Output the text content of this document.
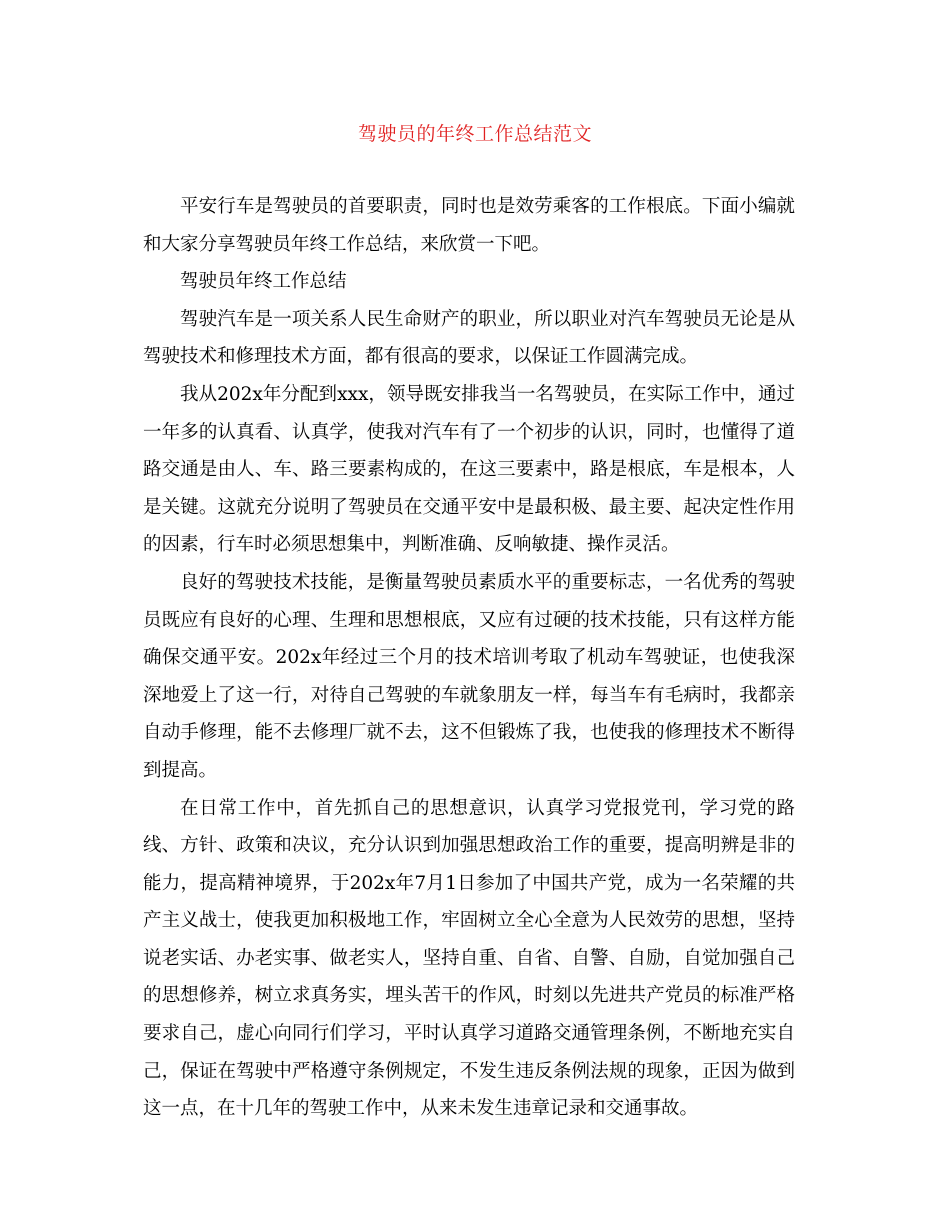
驾驶员的年终工作总结范文

平安行车是驾驶员的首要职责，同时也是效劳乘客的工作根底。下面小编就和大家分享驾驶员年终工作总结，来欣赏一下吧。

驾驶员年终工作总结

驾驶汽车是一项关系人民生命财产的职业，所以职业对汽车驾驶员无论是从驾驶技术和修理技术方面，都有很高的要求，以保证工作圆满完成。

我从202x年分配到xxx，领导既安排我当一名驾驶员，在实际工作中，通过一年多的认真看、认真学，使我对汽车有了一个初步的认识，同时，也懂得了道路交通是由人、车、路三要素构成的，在这三要素中，路是根底，车是根本，人是关键。这就充分说明了驾驶员在交通平安中是最积极、最主要、起决定性作用的因素，行车时必须思想集中，判断准确、反响敏捷、操作灵活。

良好的驾驶技术技能，是衡量驾驶员素质水平的重要标志，一名优秀的驾驶员既应有良好的心理、生理和思想根底，又应有过硬的技术技能，只有这样方能确保交通平安。202x年经过三个月的技术培训考取了机动车驾驶证，也使我深深地爱上了这一行，对待自己驾驶的车就象朋友一样，每当车有毛病时，我都亲自动手修理，能不去修理厂就不去，这不但锻炼了我，也使我的修理技术不断得到提高。

在日常工作中，首先抓自己的思想意识，认真学习党报党刊，学习党的路线、方针、政策和决议，充分认识到加强思想政治工作的重要，提高明辨是非的能力，提高精神境界，于202x年7月1日参加了中国共产党，成为一名荣耀的共产主义战士，使我更加积极地工作，牢固树立全心全意为人民效劳的思想，坚持说老实话、办老实事、做老实人，坚持自重、自省、自警、自励，自觉加强自己的思想修养，树立求真务实，埋头苦干的作风，时刻以先进共产党员的标准严格要求自己，虚心向同行们学习，平时认真学习道路交通管理条例，不断地充实自己，保证在驾驶中严格遵守条例规定，不发生违反条例法规的现象，正因为做到这一点，在十几年的驾驶工作中，从来未发生违章记录和交通事故。
